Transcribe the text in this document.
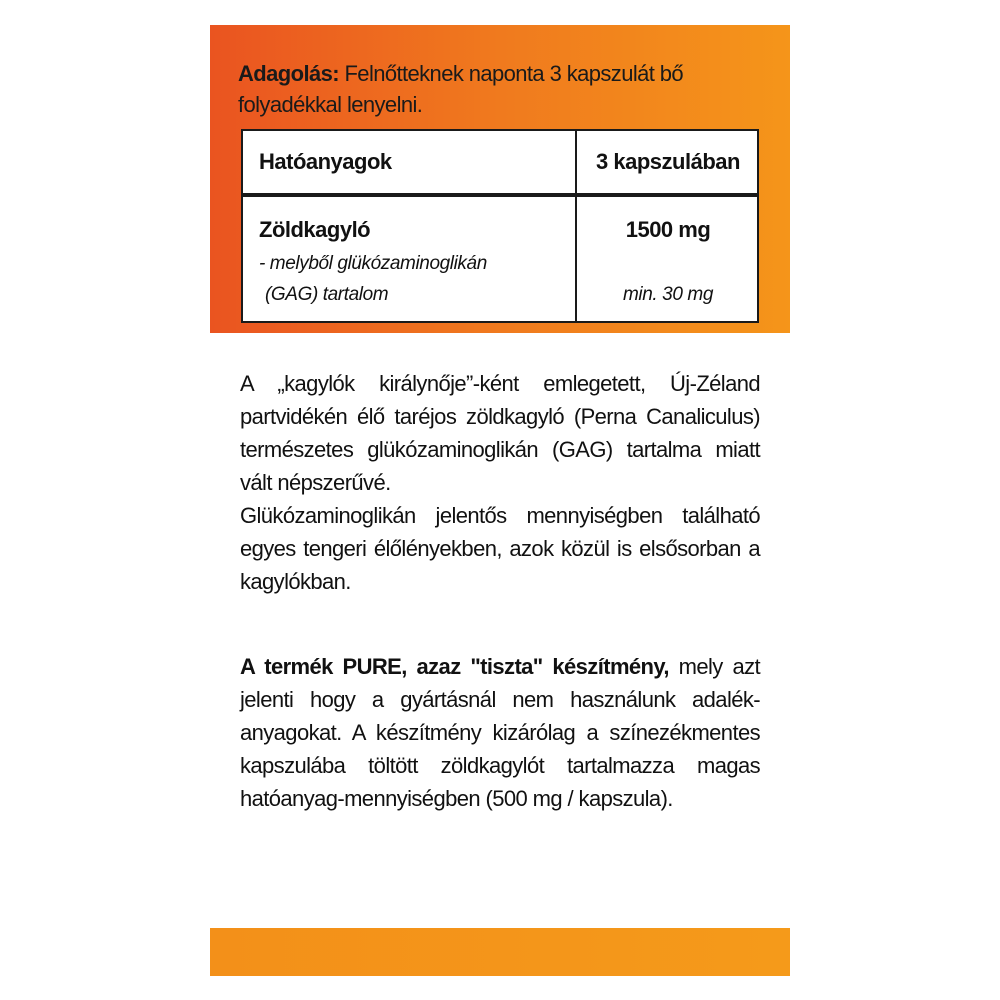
Adagolás: Felnőtteknek naponta 3 kapszulát bő folyadékkal lenyelni.
Hatóanyagok	3 kapszulában
Zöldkagyló
- melyből glükózaminoglikán
(GAG) tartalom
1500 mg
min. 30 mg

A „kagylók királynője”-ként emlegetett, Új-Zéland partvidékén élő taréjos zöldkagyló (Perna Canaliculus) természetes glükózaminoglikán (GAG) tartalma miatt vált népszerűvé.

Glükózaminoglikán jelentős mennyiségben található egyes tengeri élőlényekben, azok közül is elsősorban a kagylókban.

A termék PURE, azaz "tiszta" készítmény, mely azt jelenti hogy a gyártásnál nem használunk adalék-anyagokat. A készítmény kizárólag a színezékmentes kapszulába töltött zöldkagylót tartalmazza magas hatóanyag-mennyiségben (500 mg / kapszula).
